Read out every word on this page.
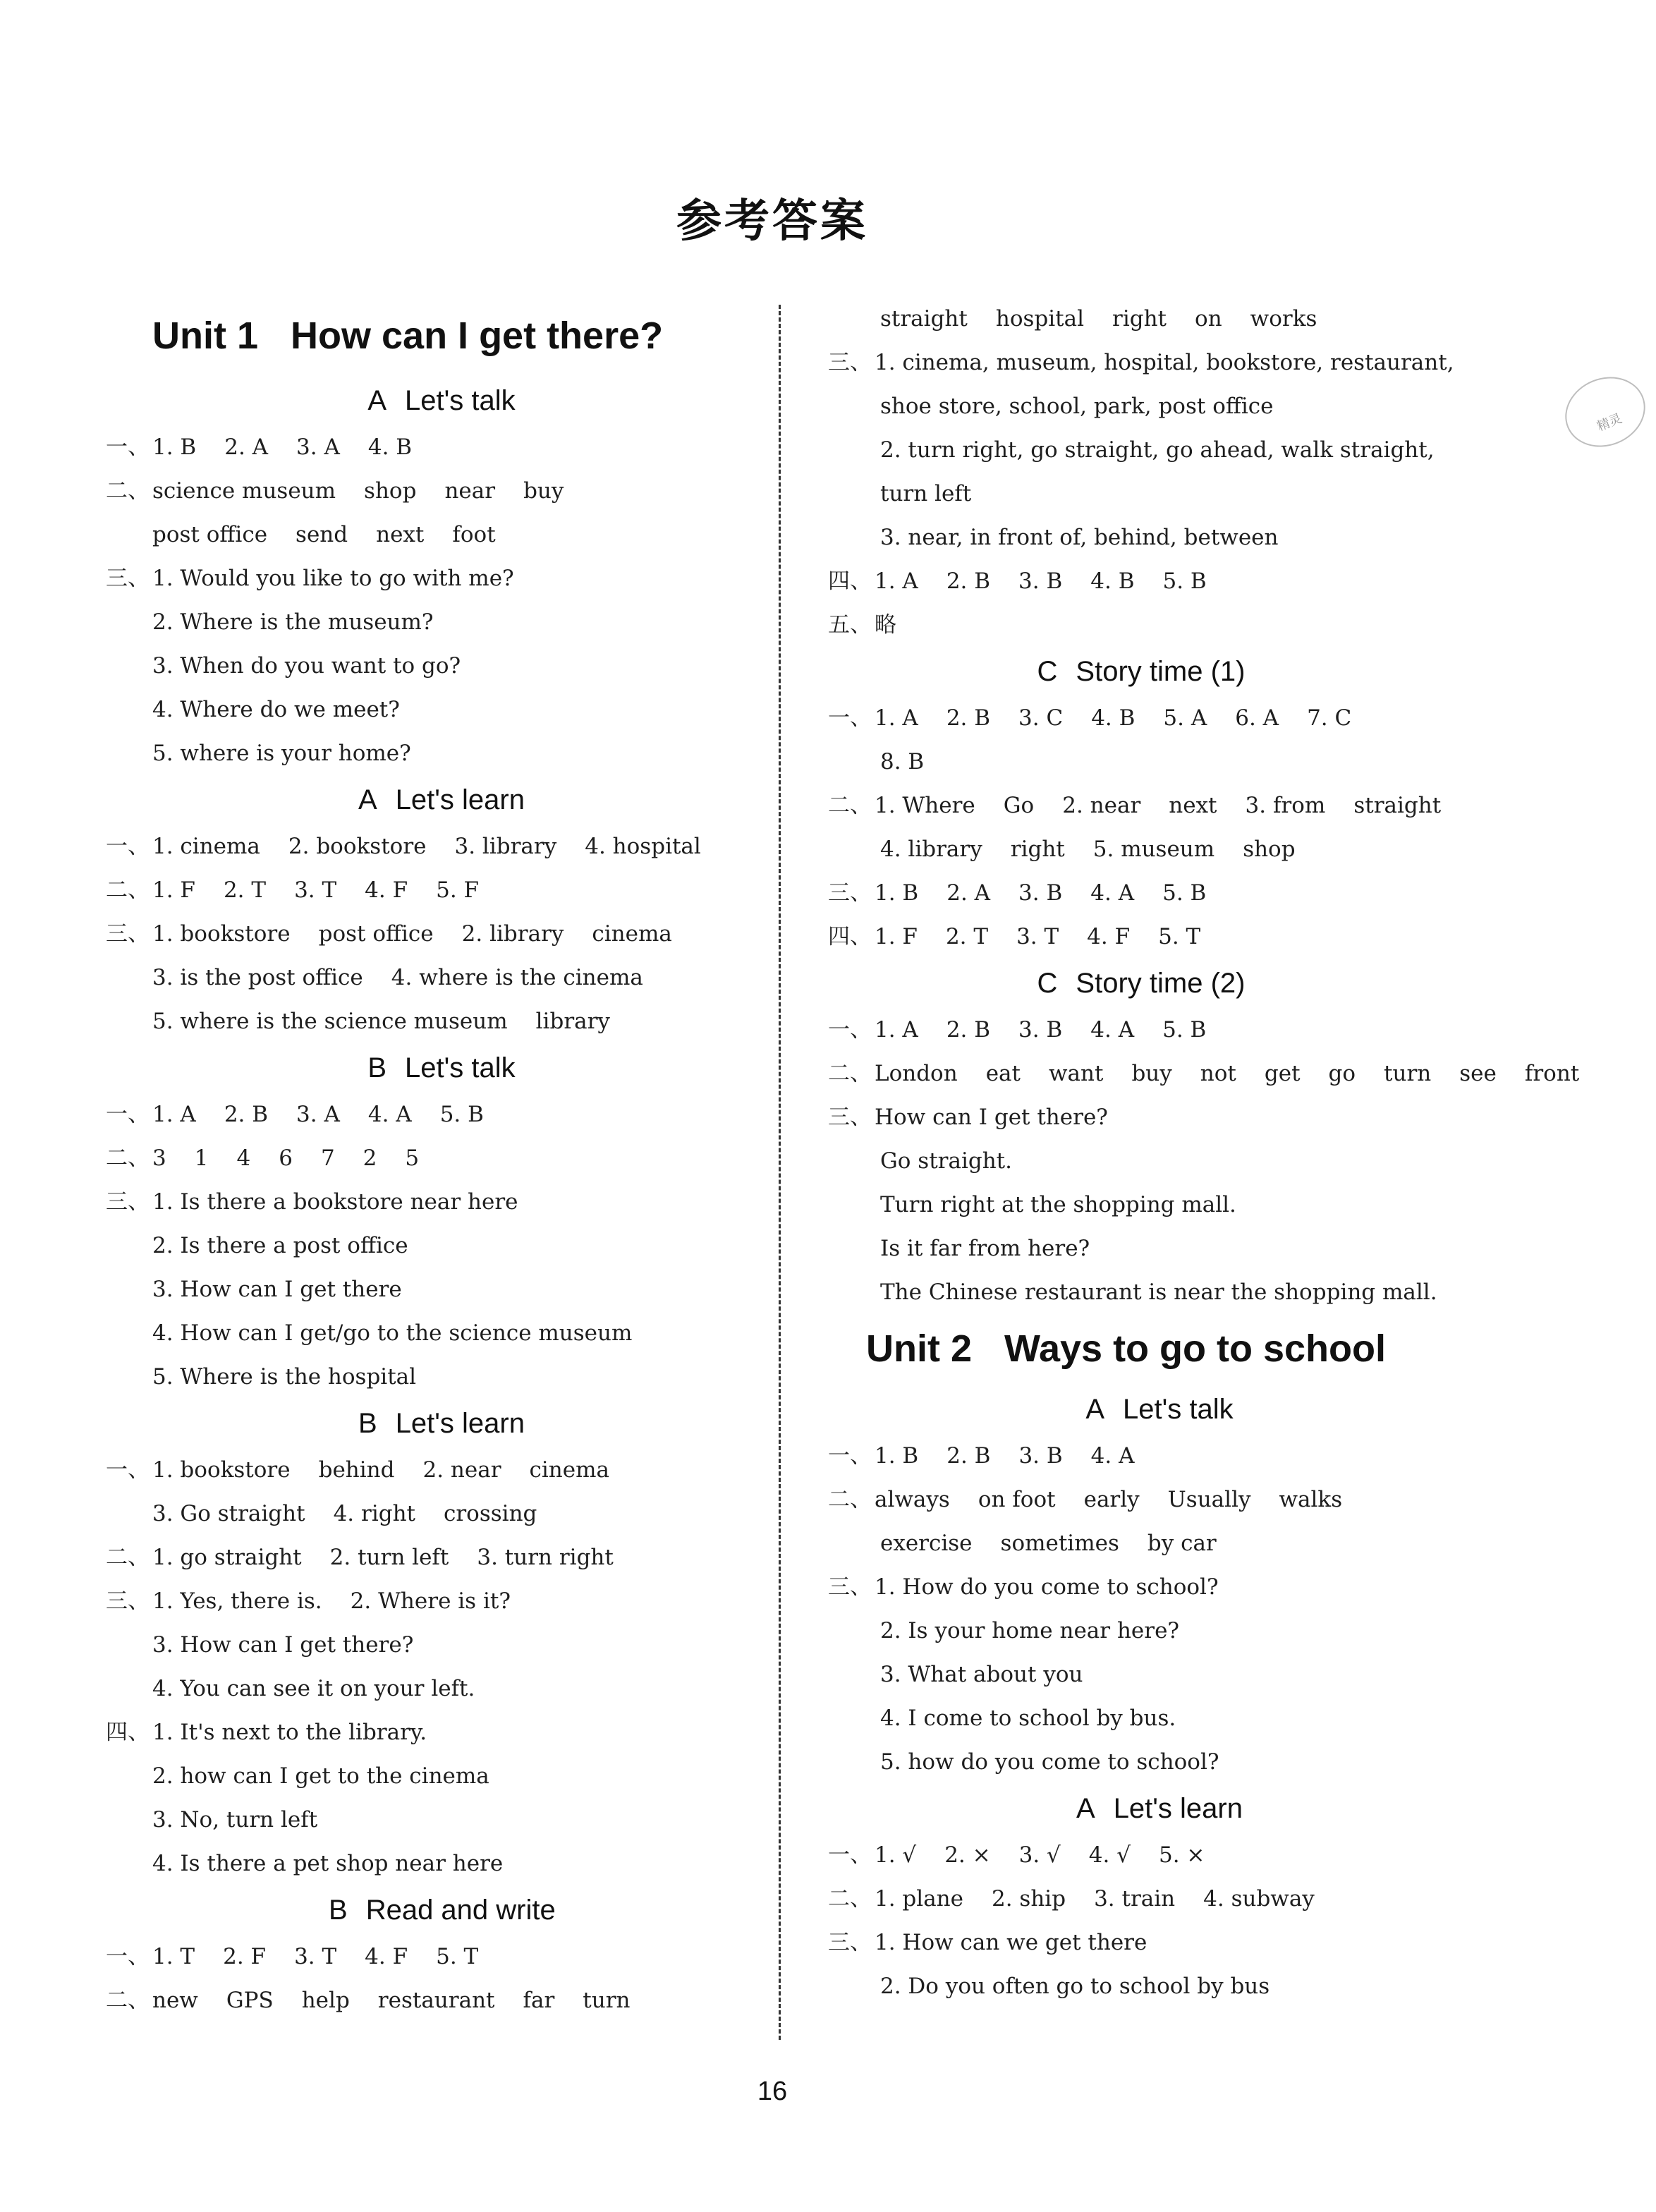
参考答案
Unit 1 How can I get there?
A Let's talk
一、 1. B 2. A 3. A 4. B
二、 science museum shop near buy
post office send next foot
三、 1. Would you like to go with me?
2. Where is the museum?
3. When do you want to go?
4. Where do we meet?
5. where is your home?
A Let's learn
一、 1. cinema 2. bookstore 3. library 4. hospital
二、 1. F 2. T 3. T 4. F 5. F
三、 1. bookstore post office 2. library cinema
3. is the post office 4. where is the cinema
5. where is the science museum library
B Let's talk
一、 1. A 2. B 3. A 4. A 5. B
二、 3 1 4 6 7 2 5
三、 1. Is there a bookstore near here
2. Is there a post office
3. How can I get there
4. How can I get/go to the science museum
5. Where is the hospital
B Let's learn
一、 1. bookstore behind 2. near cinema
3. Go straight 4. right crossing
二、 1. go straight 2. turn left 3. turn right
三、 1. Yes, there is. 2. Where is it?
3. How can I get there?
4. You can see it on your left.
四、 1. It's next to the library.
2. how can I get to the cinema
3. No, turn left
4. Is there a pet shop near here
B Read and write
一、 1. T 2. F 3. T 4. F 5. T
二、 new GPS help restaurant far turn
精灵
straight hospital right on works
三、 1. cinema, museum, hospital, bookstore, restaurant,
shoe store, school, park, post office
2. turn right, go straight, go ahead, walk straight,
turn left
3. near, in front of, behind, between
四、 1. A 2. B 3. B 4. B 5. B
五、 略
C Story time (1)
一、 1. A 2. B 3. C 4. B 5. A 6. A 7. C
8. B
二、 1. Where Go 2. near next 3. from straight
4. library right 5. museum shop
三、 1. B 2. A 3. B 4. A 5. B
四、 1. F 2. T 3. T 4. F 5. T
C Story time (2)
一、 1. A 2. B 3. B 4. A 5. B
二、 London eat want buy not get go turn see front
三、 How can I get there?
Go straight.
Turn right at the shopping mall.
Is it far from here?
The Chinese restaurant is near the shopping mall.
Unit 2 Ways to go to school
A Let's talk
一、 1. B 2. B 3. B 4. A
二、 always on foot early Usually walks
exercise sometimes by car
三、 1. How do you come to school?
2. Is your home near here?
3. What about you
4. I come to school by bus.
5. how do you come to school?
A Let's learn
一、 1. √ 2. × 3. √ 4. √ 5. ×
二、 1. plane 2. ship 3. train 4. subway
三、 1. How can we get there
2. Do you often go to school by bus
16
